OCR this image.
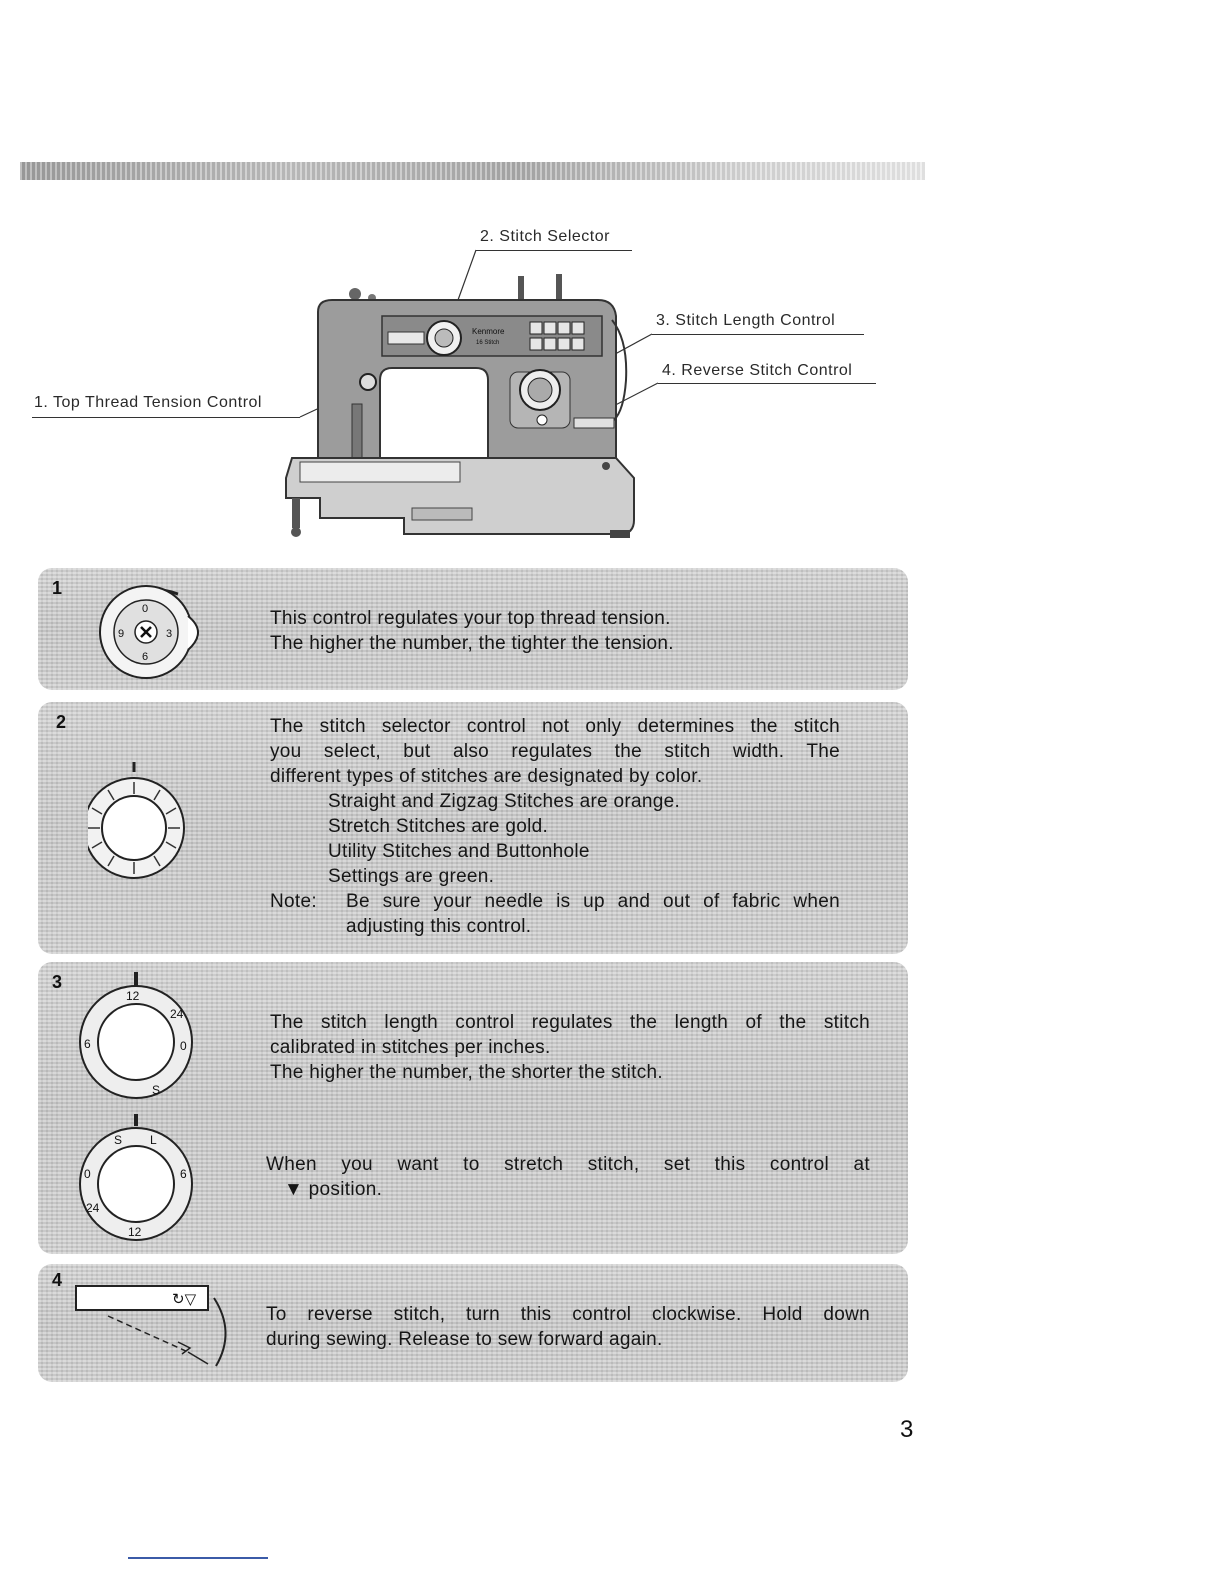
2. Stitch Selector
3. Stitch Length Control
4. Reverse Stitch Control
1. Top Thread Tension Control
Kenmore
16 Stitch
1
0
3
6
9
This control regulates your top thread tension.
The higher the number, the tighter the tension.
2	The stitch selector control not only determines the stitch
you select, but also regulates the stitch width. The
different types of stitches are designated by color.
Straight and Zigzag Stitches are orange.
Stretch Stitches are gold.
Utility Stitches and Buttonhole
Settings are green.
Note:	Be sure your needle is up and out of fabric when
adjusting this control.
3
12
24
0
6
S
The stitch length control regulates the length of the stitch
calibrated in stitches per inches.
The higher the number, the shorter the stitch.
S L
6
0
24
12
When you want to stretch stitch, set this control at
▼ position.
4
↻▽
To reverse stitch, turn this control clockwise. Hold down
during sewing. Release to sew forward again.
3
